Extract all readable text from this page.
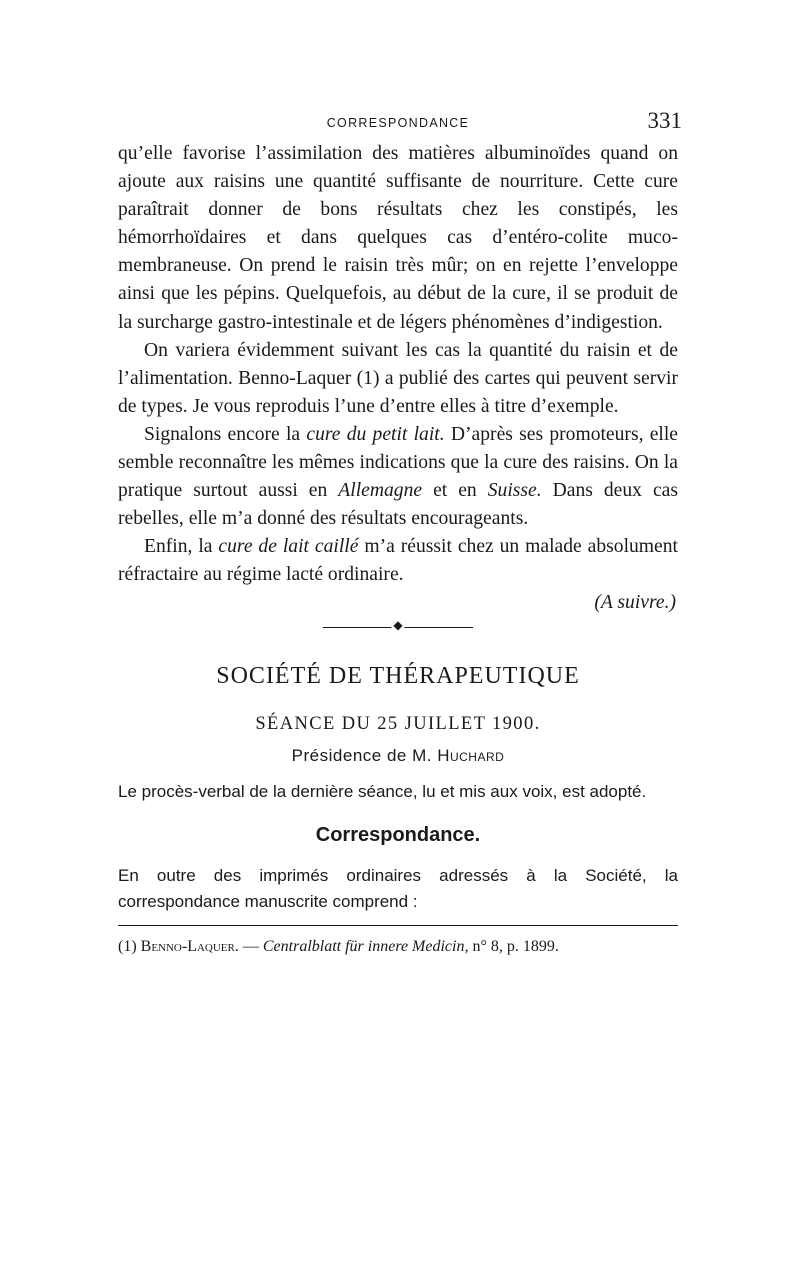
CORRESPONDANCE	331

qu’elle favorise l’assimilation des matières albuminoïdes quand on ajoute aux raisins une quantité suffisante de nourriture. Cette cure paraîtrait donner de bons résultats chez les constipés, les hémorrhoïdaires et dans quelques cas d’entéro-colite muco-membraneuse. On prend le raisin très mûr; on en rejette l’enveloppe ainsi que les pépins. Quelquefois, au début de la cure, il se produit de la surcharge gastro-intestinale et de légers phénomènes d’indigestion.

On variera évidemment suivant les cas la quantité du raisin et de l’alimentation. Benno-Laquer (1) a publié des cartes qui peuvent servir de types. Je vous reproduis l’une d’entre elles à titre d’exemple.

Signalons encore la cure du petit lait. D’après ses promoteurs, elle semble reconnaître les mêmes indications que la cure des raisins. On la pratique surtout aussi en Allemagne et en Suisse. Dans deux cas rebelles, elle m’a donné des résultats encourageants.

Enfin, la cure de lait caillé m’a réussit chez un malade absolument réfractaire au régime lacté ordinaire.

(A suivre.)
◆
SOCIÉTÉ DE THÉRAPEUTIQUE
SÉANCE DU 25 JUILLET 1900.
Présidence de M. Huchard
Le procès-verbal de la dernière séance, lu et mis aux voix, est adopté.
Correspondance.
En outre des imprimés ordinaires adressés à la Société, la correspondance manuscrite comprend :
(1) Benno-Laquer. — Centralblatt für innere Medicin, n° 8, p. 1899.
